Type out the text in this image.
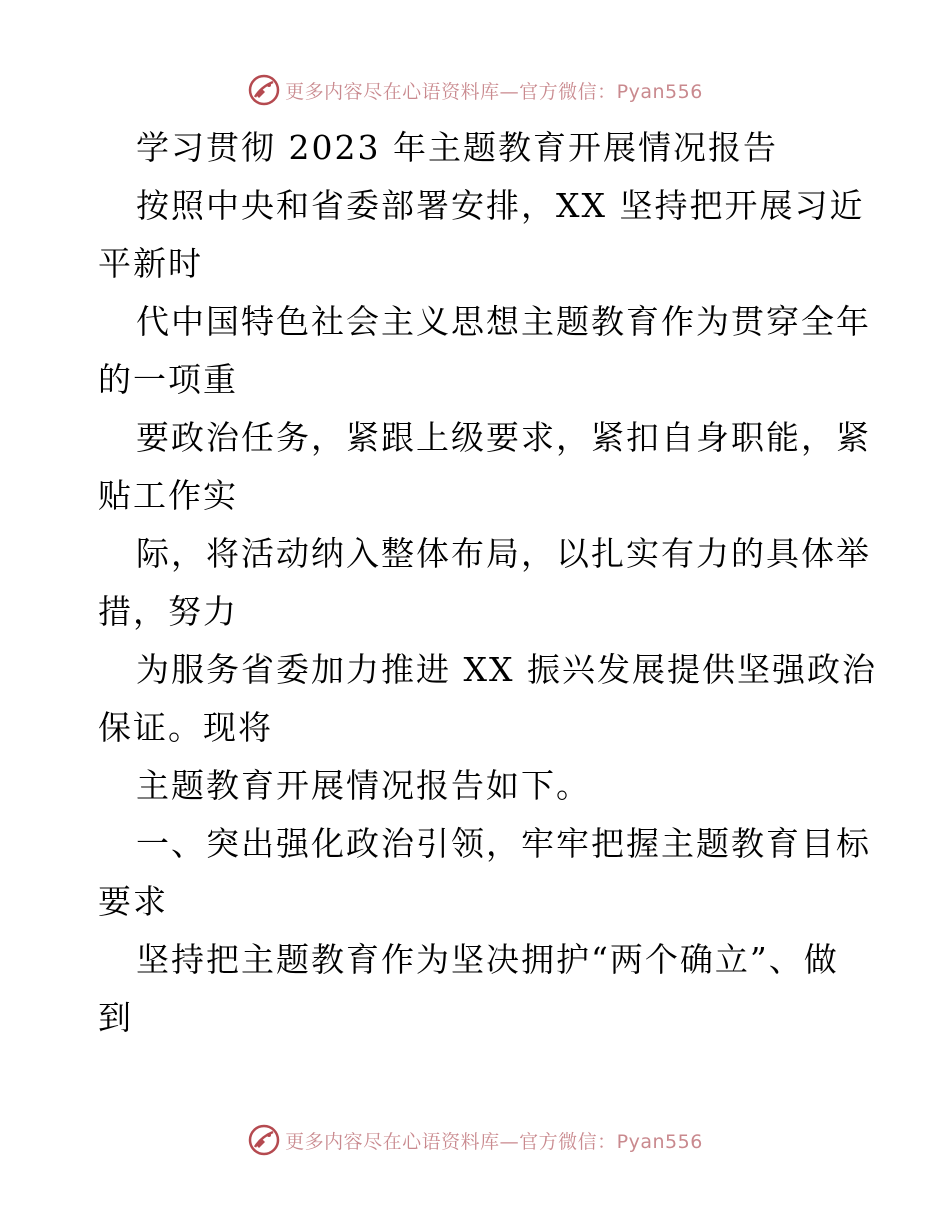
更多内容尽在心语资料库—官方微信：Pyan556
学习贯彻 2023 年主题教育开展情况报告
按照中央和省委部署安排，XX 坚持把开展习近
平新时
代中国特色社会主义思想主题教育作为贯穿全年
的一项重
要政治任务，紧跟上级要求，紧扣自身职能，紧
贴工作实
际，将活动纳入整体布局，以扎实有力的具体举
措，努力
为服务省委加力推进 XX 振兴发展提供坚强政治
保证。现将
主题教育开展情况报告如下。
一、突出强化政治引领，牢牢把握主题教育目标
要求
坚持把主题教育作为坚决拥护“两个确立”、做
到
更多内容尽在心语资料库—官方微信：Pyan556
